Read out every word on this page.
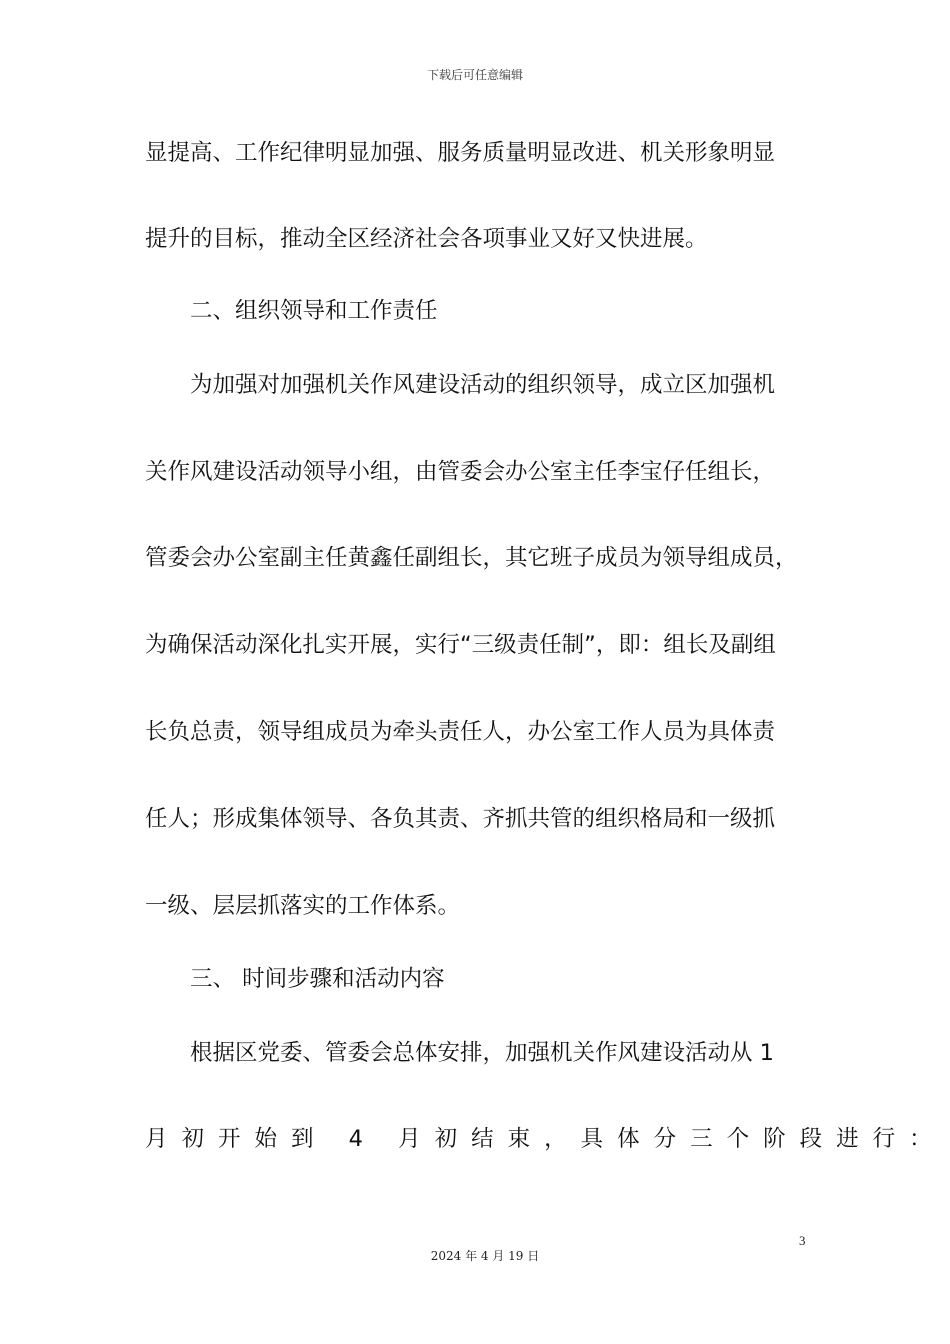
下载后可任意编辑
显提高、工作纪律明显加强、服务质量明显改进、机关形象明显
提升的目标，推动全区经济社会各项事业又好又快进展。
二、组织领导和工作责任
为加强对加强机关作风建设活动的组织领导，成立区加强机
关作风建设活动领导小组，由管委会办公室主任李宝仔任组长，
管委会办公室副主任黄鑫任副组长，其它班子成员为领导组成员，
为确保活动深化扎实开展，实行“三级责任制”，即：组长及副组
长负总责，领导组成员为牵头责任人，办公室工作人员为具体责
任人；形成集体领导、各负其责、齐抓共管的组织格局和一级抓
一级、层层抓落实的工作体系。
三、 时间步骤和活动内容
根据区党委、管委会总体安排，加强机关作风建设活动从 1
月初开始到 4 月初结束，具体分三个阶段进行：
3
2024 年 4 月 19 日
